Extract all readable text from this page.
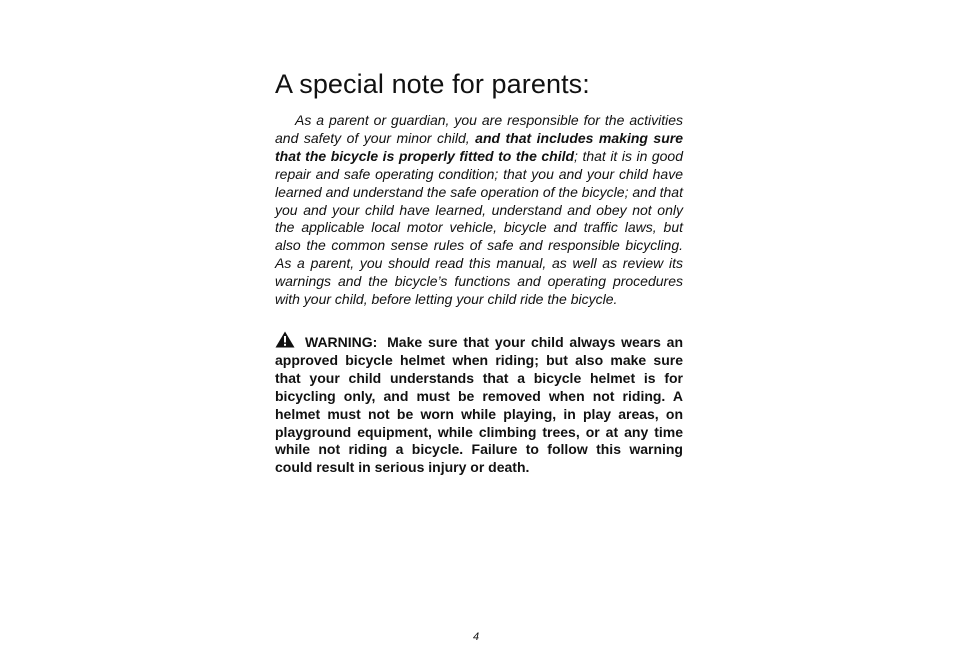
A special note for parents:

As a parent or guardian, you are responsible for the activities and safety of your minor child, and that includes making sure that the bicycle is properly fitted to the child; that it is in good repair and safe operating condition; that you and your child have learned and understand the safe operation of the bicycle; and that you and your child have learned, understand and obey not only the applicable local motor vehicle, bicycle and traffic laws, but also the common sense rules of safe and responsible bicycling. As a parent, you should read this manual, as well as review its warnings and the bicycle’s functions and operating procedures with your child, before letting your child ride the bicycle.

WARNING: Make sure that your child always wears an approved bicycle helmet when riding; but also make sure that your child understands that a bicycle helmet is for bicycling only, and must be removed when not riding. A helmet must not be worn while playing, in play areas, on playground equipment, while climbing trees, or at any time while not riding a bicycle. Failure to follow this warning could result in serious injury or death.

4
